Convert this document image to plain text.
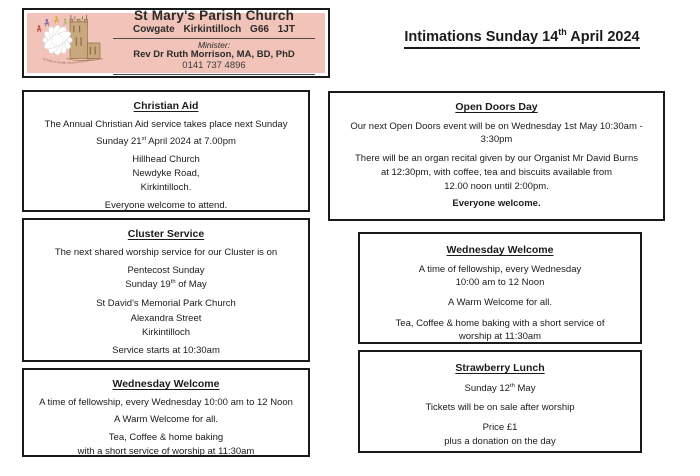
St Mary's Parish Church Kirkintilloch
St Mary's Parish Church
Cowgate Kirkintilloch G66 1JT
Minister:
Rev Dr Ruth Morrison, MA, BD, PhD
0141 737 4896
Intimations Sunday 14th April 2024
Christian Aid

The Annual Christian Aid service takes place next Sunday

Sunday 21st April 2024 at 7.00pm

Hillhead Church
Newdyke Road,
Kirkintilloch.

Everyone welcome to attend.

Cluster Service

The next shared worship service for our Cluster is on

Pentecost Sunday
Sunday 19th of May
St David's Memorial Park Church
Alexandra Street
Kirkintilloch

Service starts at 10:30am

Wednesday Welcome

A time of fellowship, every Wednesday 10:00 am to 12 Noon

A Warm Welcome for all.

Tea, Coffee & home baking
with a short service of worship at 11:30am
Open Doors Day
Our next Open Doors event will be on Wednesday 1st May 10:30am -
3:30pm
There will be an organ recital given by our Organist Mr David Burns
at 12:30pm, with coffee, tea and biscuits available from
12.00 noon until 2:00pm.

Everyone welcome.

Wednesday Welcome
A time of fellowship, every Wednesday
10:00 am to 12 Noon

A Warm Welcome for all.

Tea, Coffee & home baking with a short service of
worship at 11:30am
Strawberry Lunch

Sunday 12th May

Tickets will be on sale after worship

Price £1
plus a donation on the day
